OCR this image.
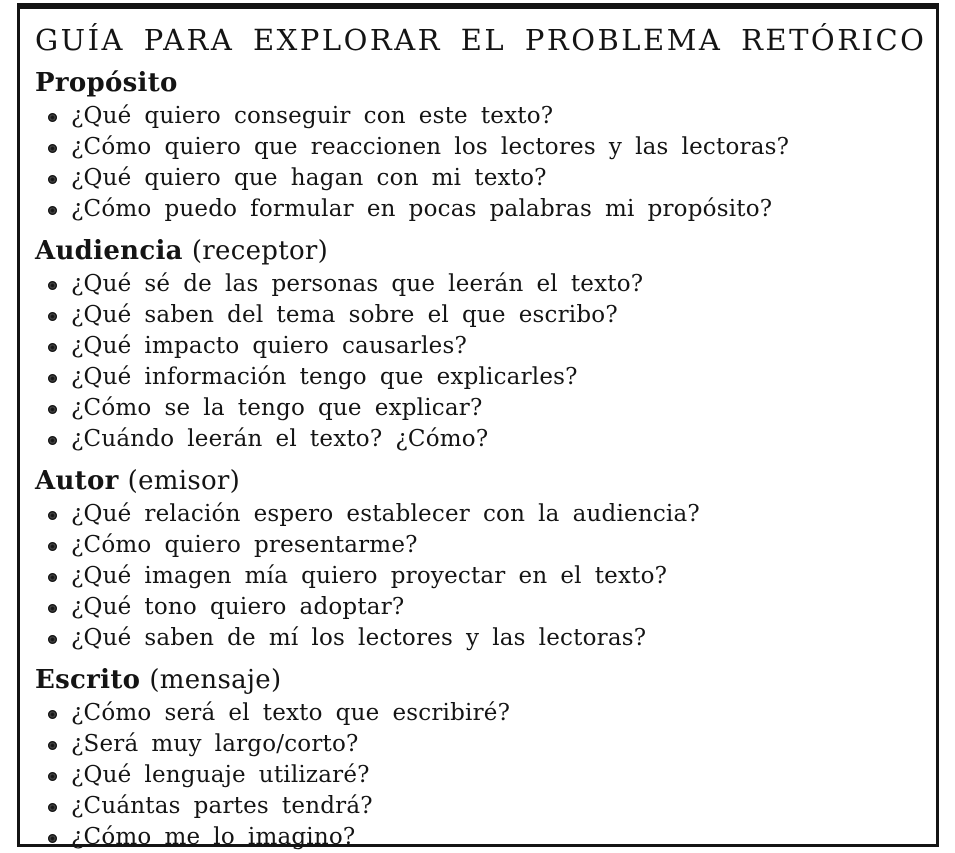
GUÍA PARA EXPLORAR EL PROBLEMA RETÓRICO
Propósito
¿Qué quiero conseguir con este texto?
¿Cómo quiero que reaccionen los lectores y las lectoras?
¿Qué quiero que hagan con mi texto?
¿Cómo puedo formular en pocas palabras mi propósito?
Audiencia (receptor)
¿Qué sé de las personas que leerán el texto?
¿Qué saben del tema sobre el que escribo?
¿Qué impacto quiero causarles?
¿Qué información tengo que explicarles?
¿Cómo se la tengo que explicar?
¿Cuándo leerán el texto? ¿Cómo?
Autor (emisor)
¿Qué relación espero establecer con la audiencia?
¿Cómo quiero presentarme?
¿Qué imagen mía quiero proyectar en el texto?
¿Qué tono quiero adoptar?
¿Qué saben de mí los lectores y las lectoras?
Escrito (mensaje)
¿Cómo será el texto que escribiré?
¿Será muy largo/corto?
¿Qué lenguaje utilizaré?
¿Cuántas partes tendrá?
¿Cómo me lo imagino?
